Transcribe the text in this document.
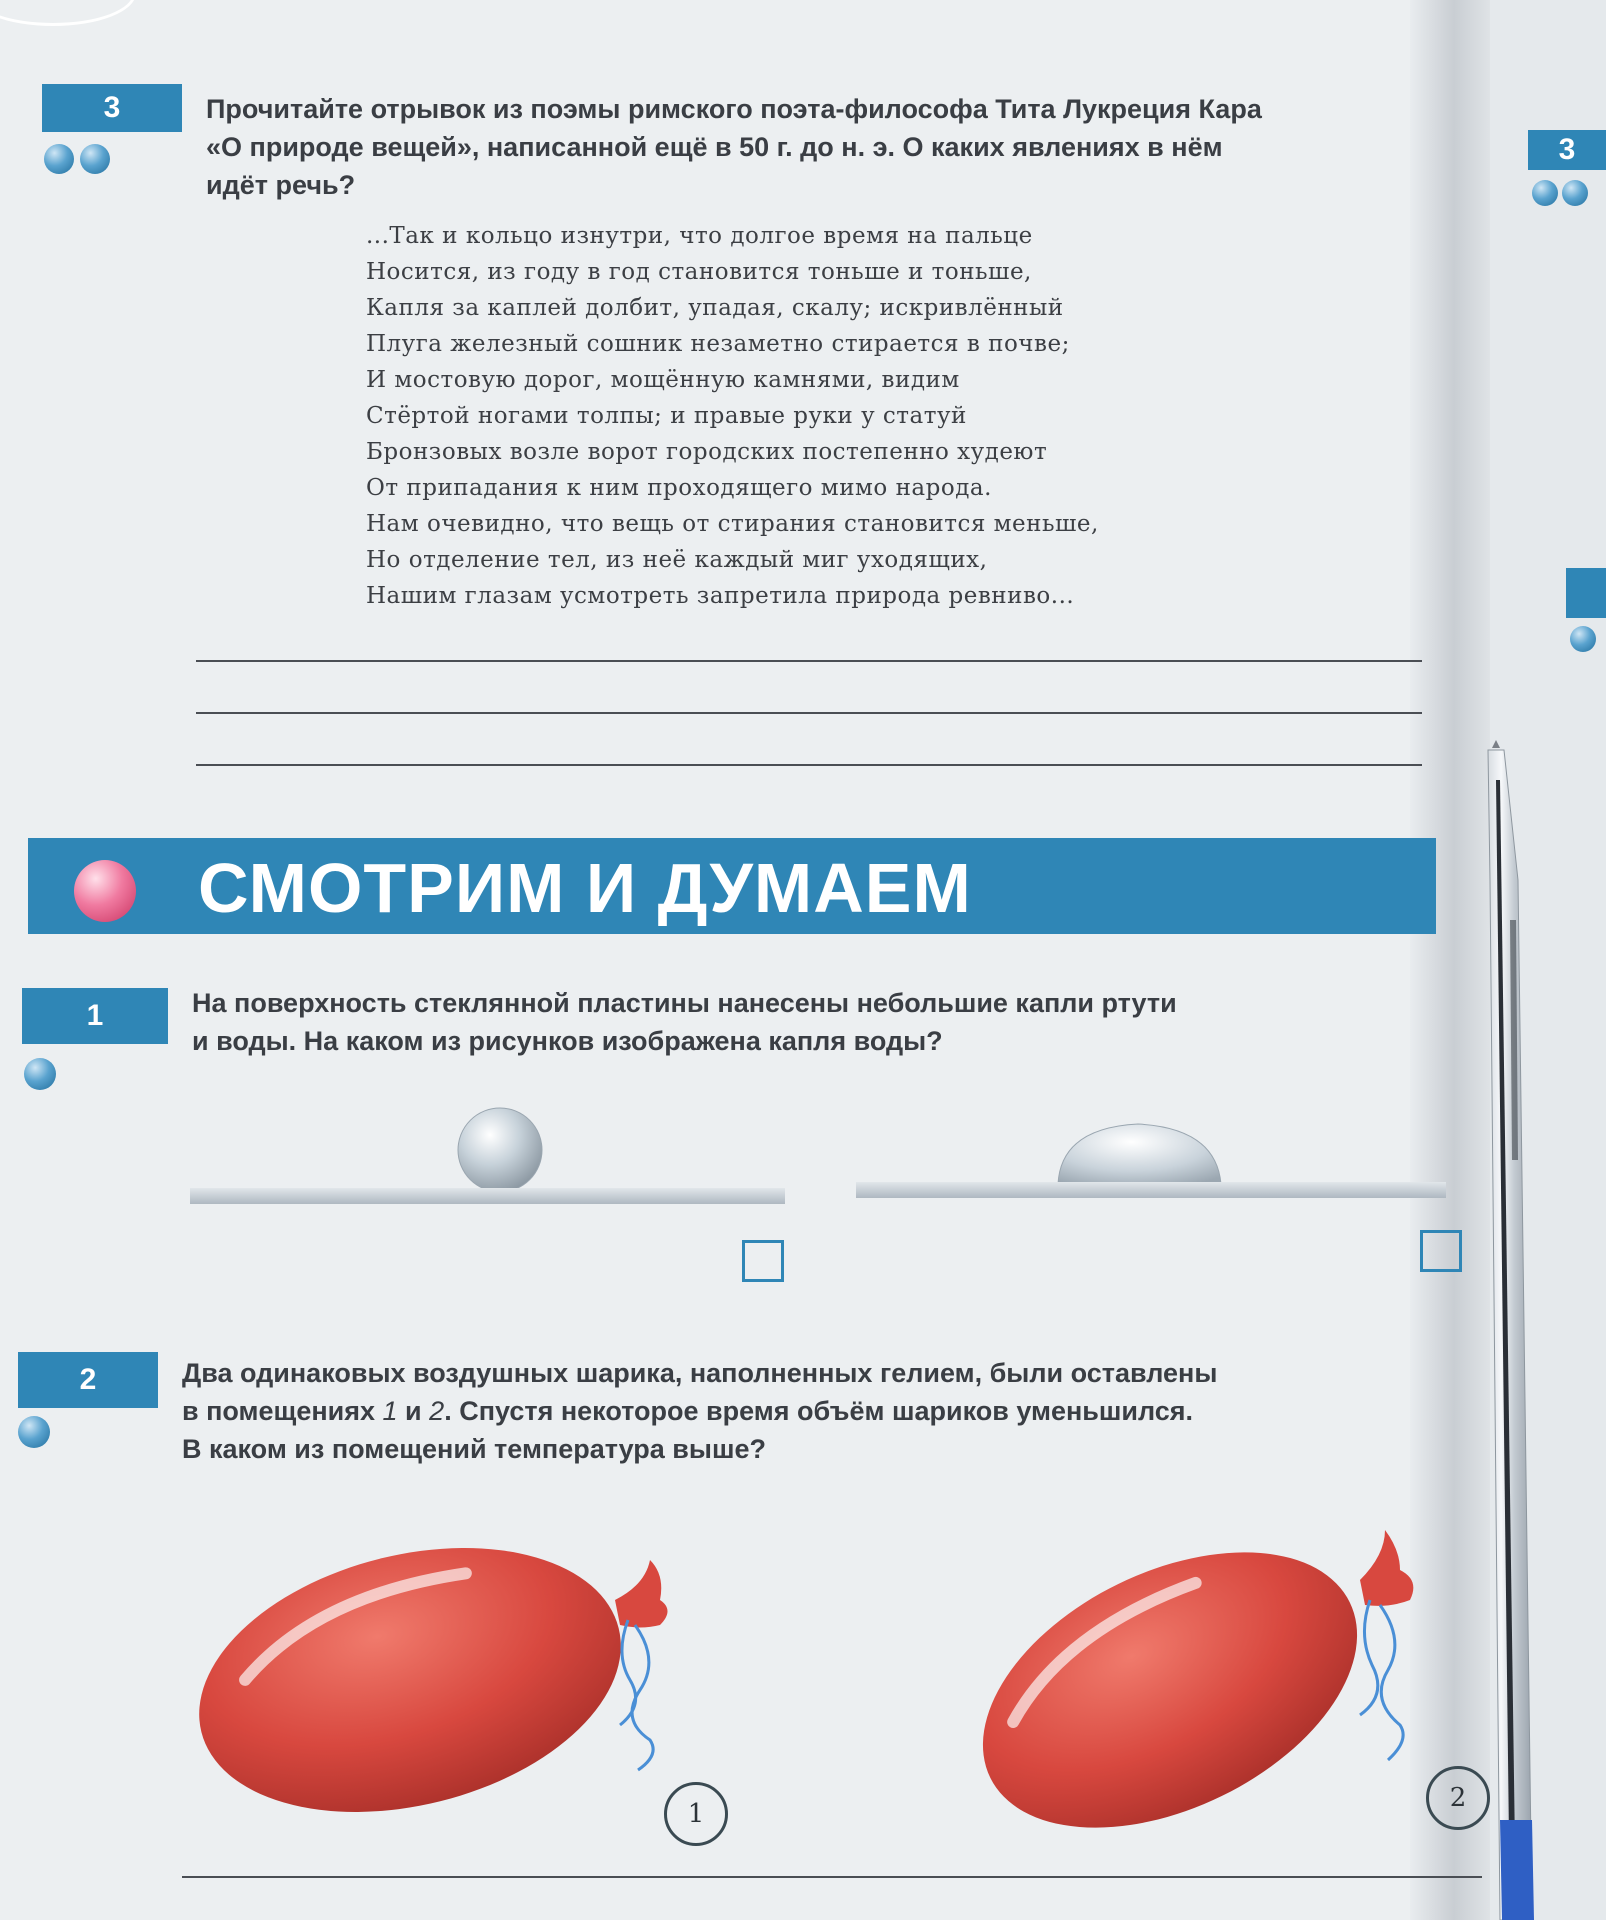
3
3	Прочитайте отрывок из поэмы римского поэта-философа Тита Лукреция Кара
«О природе вещей», написанной ещё в 50 г. до н. э. О каких явлениях в нём
идёт речь?
...Так и кольцо изнутри, что долгое время на пальце
Носится, из году в год становится тоньше и тоньше,
Капля за каплей долбит, упадая, скалу; искривлённый
Плуга железный сошник незаметно стирается в почве;
И мостовую дорог, мощённую камнями, видим
Стёртой ногами толпы; и правые руки у статуй
Бронзовых возле ворот городских постепенно худеют
От припадания к ним проходящего мимо народа.
Нам очевидно, что вещь от стирания становится меньше,
Но отделение тел, из неё каждый миг уходящих,
Нашим глазам усмотреть запретила природа ревниво...
СМОТРИМ И ДУМАЕМ
1	На поверхность стеклянной пластины нанесены небольшие капли ртути
и воды. На каком из рисунков изображена капля воды?
2	Два одинаковых воздушных шарика, наполненных гелием, были оставлены
в помещениях 1 и 2. Спустя некоторое время объём шариков уменьшился.
В каком из помещений температура выше?
1
2
